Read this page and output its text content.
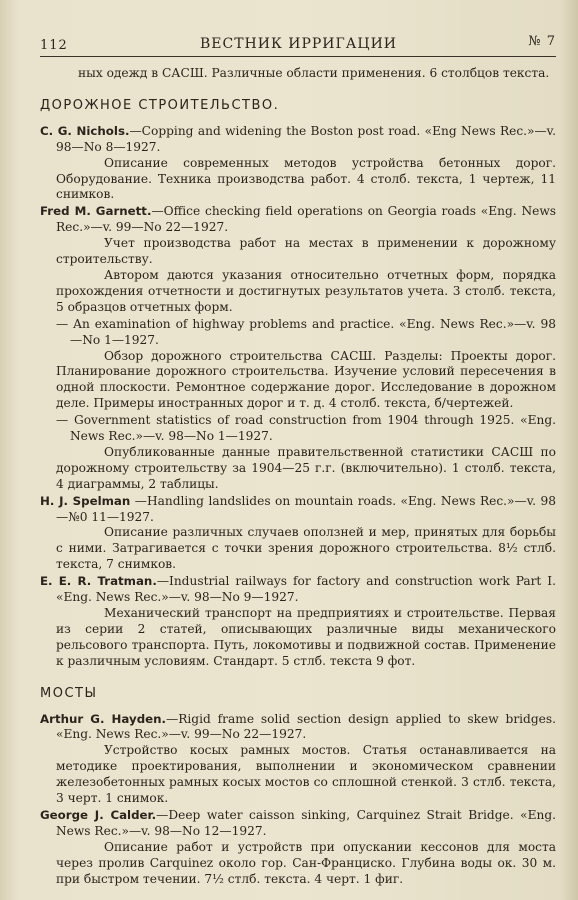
112	ВЕСТНИК ИРРИГАЦИИ	№ 7

ных одежд в САСШ. Различные области применения. 6 столбцов текста.

ДОРОЖНОЕ СТРОИТЕЛЬСТВО.

C. G. Nichols.—Copping and widening the Boston post road. «Eng News Rec.»—v. 98—No 8—1927.

Описание современных методов устройства бетонных дорог. Оборудование. Техника производства работ. 4 столб. текста, 1 чертеж, 11 снимков.

Fred M. Garnett.—Office checking field operations on Georgia roads «Eng. News Rec.»—v. 99—No 22—1927.

Учет производства работ на местах в применении к дорожному строительству.

Автором даются указания относительно отчетных форм, порядка прохождения отчетности и достигнутых результатов учета. 3 столб. текста, 5 образцов отчетных форм.

— An examination of highway problems and practice. «Eng. News Rec.»—v. 98—No 1—1927.

Обзор дорожного строительства САСШ. Разделы: Проекты дорог. Планирование дорожного строительства. Изучение условий пересечения в одной плоскости. Ремонтное содержание дорог. Исследование в дорожном деле. Примеры иностранных дорог и т. д. 4 столб. текста, б/чертежей.

— Government statistics of road construction from 1904 through 1925. «Eng. News Rec.»—v. 98—No 1—1927.

Опубликованные данные правительственной статистики САСШ по дорожному строительству за 1904—25 г.г. (включительно). 1 столб. текста, 4 диаграммы, 2 таблицы.

H. J. Spelman —Handling landslides on mountain roads. «Eng. News Rec.»—v. 98—№0 11—1927.

Описание различных случаев оползней и мер, принятых для борьбы с ними. Затрагивается с точки зрения дорожного строительства. 8½ стлб. текста, 7 снимков.

E. E. R. Tratman.—Industrial railways for factory and construction work Part I. «Eng. News Rec.»—v. 98—No 9—1927.

Механический транспорт на предприятиях и строительстве. Первая из серии 2 статей, описывающих различные виды механического рельсового транспорта. Путь, локомотивы и подвижной состав. Применение к различным условиям. Стандарт. 5 стлб. текста 9 фот.

МОСТЫ

Arthur G. Hayden.—Rigid frame solid section design applied to skew bridges. «Eng. News Rec.»—v. 99—No 22—1927.

Устройство косых рамных мостов. Статья останавливается на методике проектирования, выполнении и экономическом сравнении железобетонных рамных косых мостов со сплошной стенкой. 3 стлб. текста, 3 черт. 1 снимок.

George J. Calder.—Deep water caisson sinking, Carquinez Strait Bridge. «Eng. News Rec.»—v. 98—No 12—1927.

Описание работ и устройств при опускании кессонов для моста через пролив Carquinez около гор. Сан-Франциско. Глубина воды ок. 30 м. при быстром течении. 7½ стлб. текста. 4 черт. 1 фиг.
